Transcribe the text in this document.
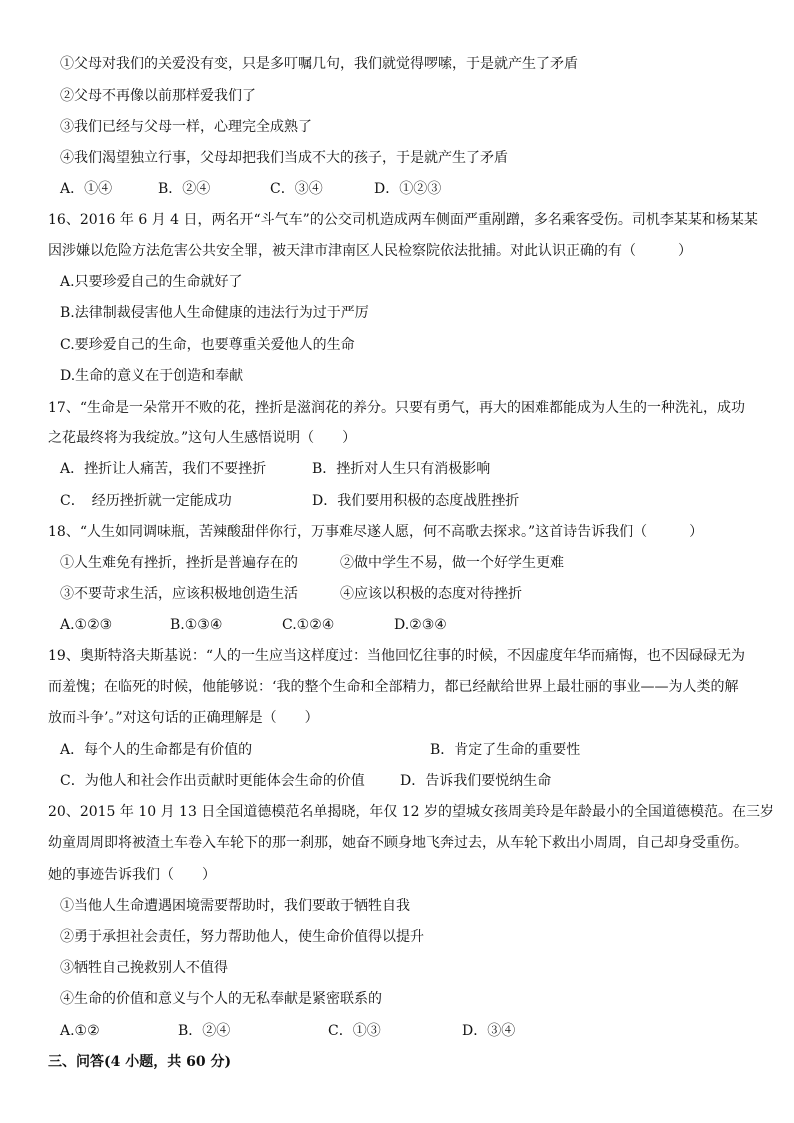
①父母对我们的关爱没有变，只是多叮嘱几句，我们就觉得啰嗦，于是就产生了矛盾
②父母不再像以前那样爱我们了
③我们已经与父母一样，心理完全成熟了
④我们渴望独立行事，父母却把我们当成不大的孩子，于是就产生了矛盾
A．①④	B．②④	C．③④	D．①②③
16、2016 年 6 月 4 日，两名开“斗气车”的公交司机造成两车侧面严重剐蹭，多名乘客受伤。司机李某某和杨某某
因涉嫌以危险方法危害公共安全罪，被天津市津南区人民检察院依法批捕。对此认识正确的有（　　　）
A.只要珍爱自己的生命就好了
B.法律制裁侵害他人生命健康的违法行为过于严厉
C.要珍爱自己的生命，也要尊重关爱他人的生命
D.生命的意义在于创造和奉献
17、“生命是一朵常开不败的花，挫折是滋润花的养分。只要有勇气，再大的困难都能成为人生的一种洗礼，成功
之花最终将为我绽放。”这句人生感悟说明（　　）
A．挫折让人痛苦，我们不要挫折	B．挫折对人生只有消极影响
C．　经历挫折就一定能成功	D．我们要用积极的态度战胜挫折
18、“人生如同调味瓶，苦辣酸甜伴你行，万事难尽遂人愿，何不高歌去探求。”这首诗告诉我们（　　　）
①人生难免有挫折，挫折是普遍存在的	②做中学生不易，做一个好学生更难
③不要苛求生活，应该积极地创造生活	④应该以积极的态度对待挫折
A.①②③	B.①③④	C.①②④	D.②③④
19、奥斯特洛夫斯基说：“人的一生应当这样度过：当他回忆往事的时候，不因虚度年华而痛悔，也不因碌碌无为
而羞愧；在临死的时候，他能够说：‘我的整个生命和全部精力，都已经献给世界上最壮丽的事业——为人类的解
放而斗争’。”对这句话的正确理解是（　　）
A．每个人的生命都是有价值的	B．肯定了生命的重要性
C．为他人和社会作出贡献时更能体会生命的价值	D．告诉我们要悦纳生命
20、2015 年 10 月 13 日全国道德模范名单揭晓，年仅 12 岁的望城女孩周美玲是年龄最小的全国道德模范。在三岁
幼童周周即将被渣土车卷入车轮下的那一刹那，她奋不顾身地飞奔过去，从车轮下救出小周周，自己却身受重伤。
她的事迹告诉我们（　　）
①当他人生命遭遇困境需要帮助时，我们要敢于牺牲自我
②勇于承担社会责任，努力帮助他人，使生命价值得以提升
③牺牲自己挽救别人不值得
④生命的价值和意义与个人的无私奉献是紧密联系的
A.①②	B．②④	C．①③	D．③④
三、问答(4 小题，共 60 分)
